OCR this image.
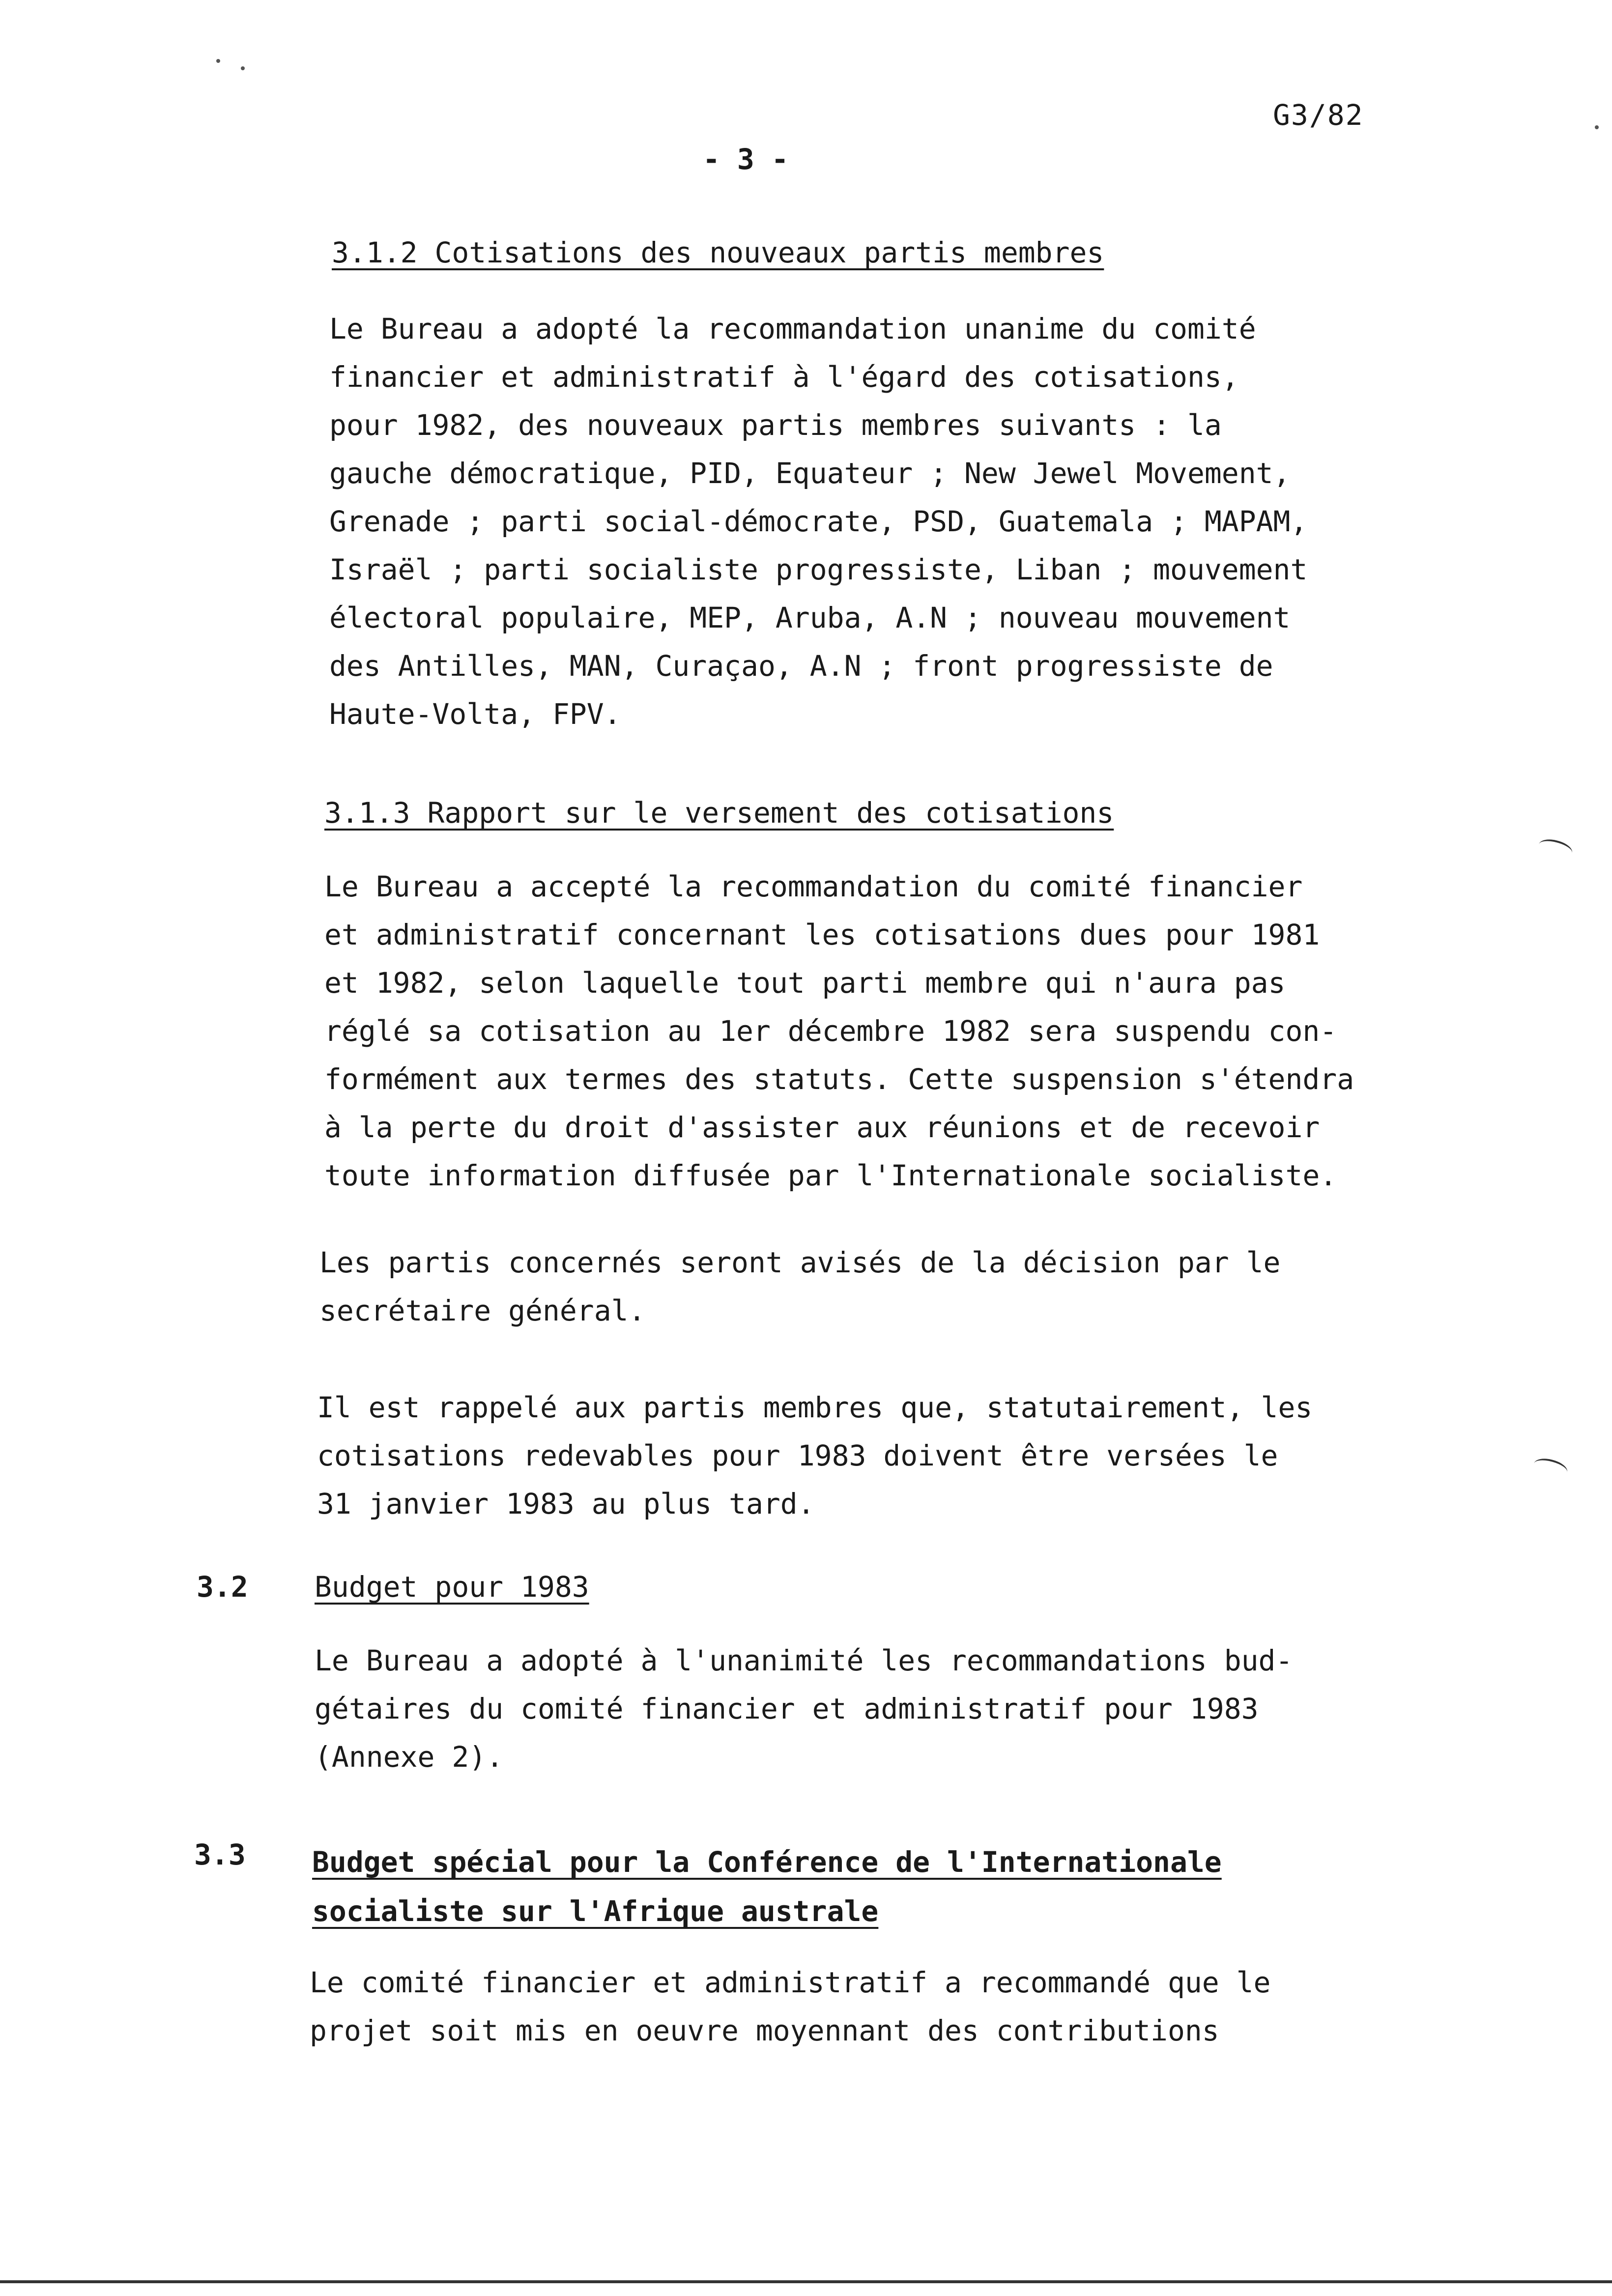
G3/82
- 3 -
3.1.2 Cotisations des nouveaux partis membres
Le Bureau a adopté la recommandation unanime du comité
financier et administratif à l'égard des cotisations,
pour 1982, des nouveaux partis membres suivants : la
gauche démocratique, PID, Equateur ; New Jewel Movement,
Grenade ; parti social-démocrate, PSD, Guatemala ; MAPAM,
Israël ; parti socialiste progressiste, Liban ; mouvement
électoral populaire, MEP, Aruba, A.N ; nouveau mouvement
des Antilles, MAN, Curaçao, A.N ; front progressiste de
Haute-Volta, FPV.
3.1.3 Rapport sur le versement des cotisations
Le Bureau a accepté la recommandation du comité financier
et administratif concernant les cotisations dues pour 1981
et 1982, selon laquelle tout parti membre qui n'aura pas
réglé sa cotisation au 1er décembre 1982 sera suspendu con-
formément aux termes des statuts. Cette suspension s'étendra
à la perte du droit d'assister aux réunions et de recevoir
toute information diffusée par l'Internationale socialiste.
Les partis concernés seront avisés de la décision par le
secrétaire général.
Il est rappelé aux partis membres que, statutairement, les
cotisations redevables pour 1983 doivent être versées le
31 janvier 1983 au plus tard.
3.2 Budget pour 1983
Le Bureau a adopté à l'unanimité les recommandations bud-
gétaires du comité financier et administratif pour 1983
(Annexe 2).
3.3 Budget spécial pour la Conférence de l'Internationale
socialiste sur l'Afrique australe
Le comité financier et administratif a recommandé que le
projet soit mis en oeuvre moyennant des contributions
